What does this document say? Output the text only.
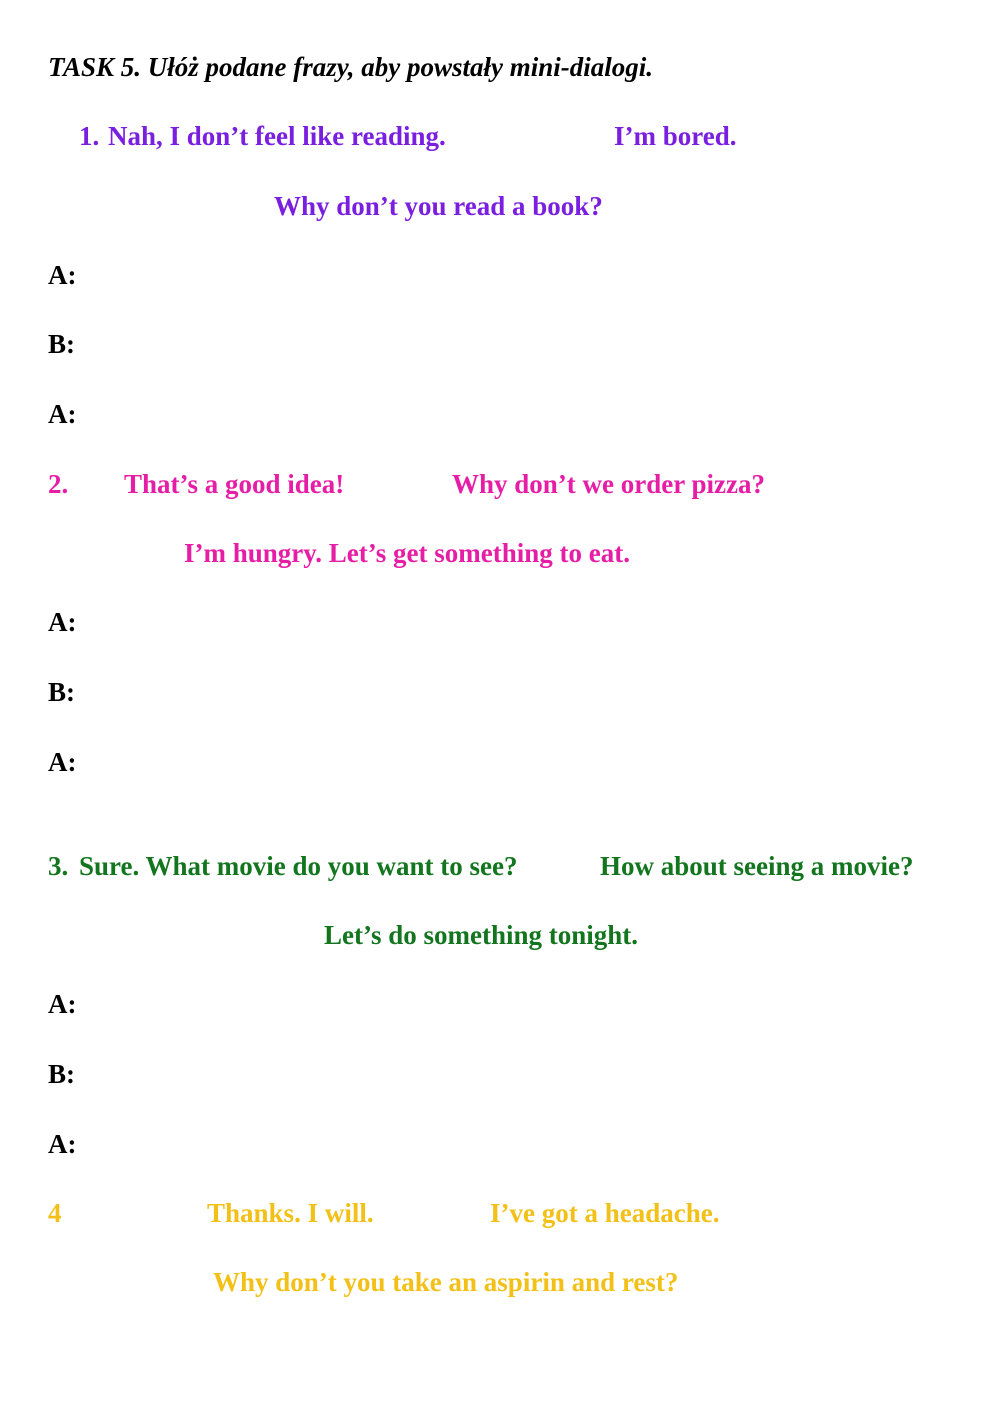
TASK 5. Ułóż podane frazy, aby powstały mini-dialogi.
1. Nah, I don’t feel like reading.	I’m bored.
Why don’t you read a book?
A:
B:
A:
2. That’s a good idea!	Why don’t we order pizza?
I’m hungry. Let’s get something to eat.
A:
B:
A:
3. Sure. What movie do you want to see?	How about seeing a movie?
Let’s do something tonight.
A:
B:
A:
4	Thanks. I will.	I’ve got a headache.
Why don’t you take an aspirin and rest?
